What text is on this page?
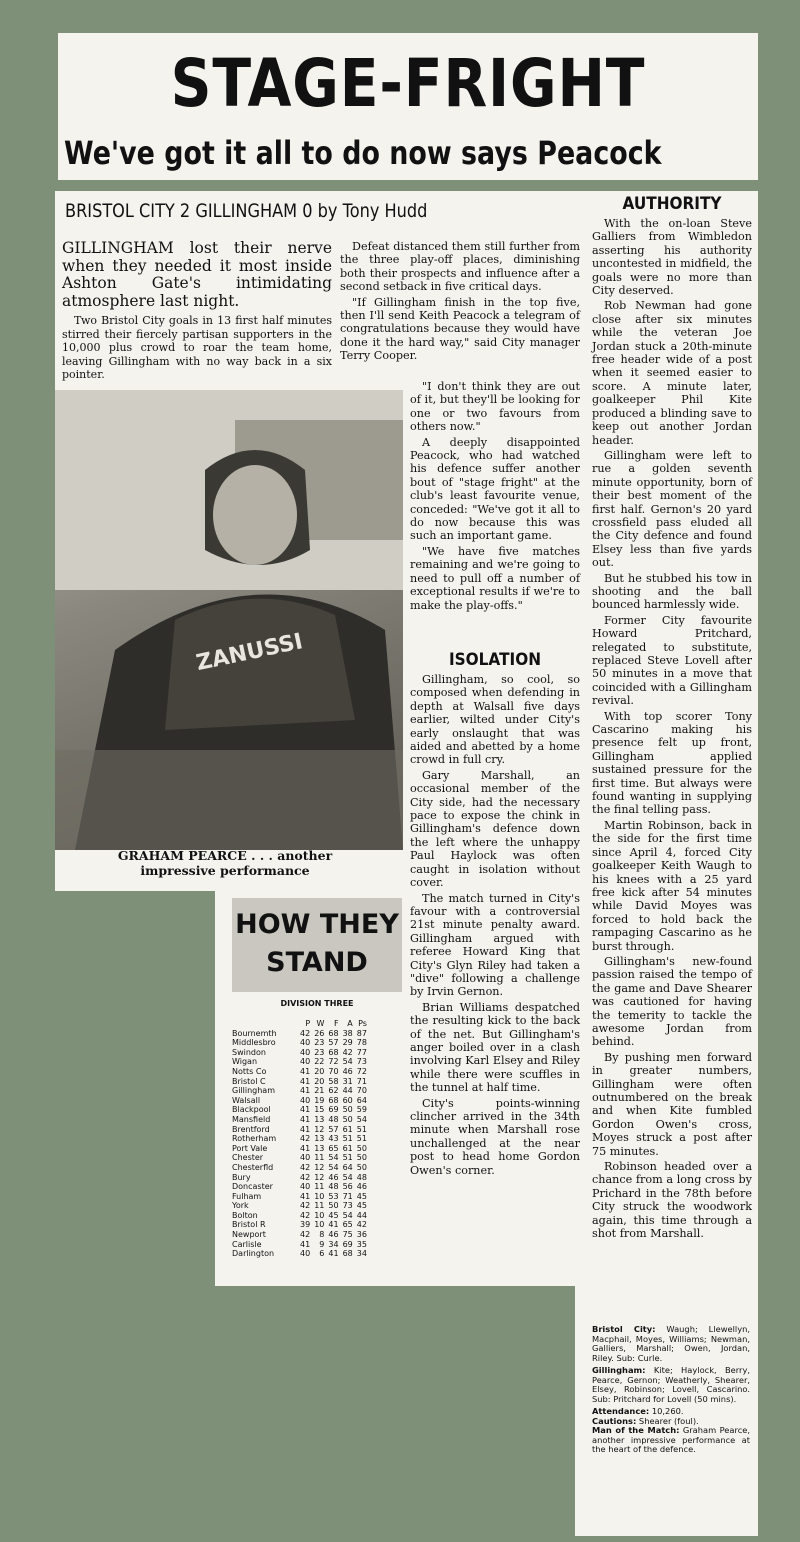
STAGE-FRIGHT
We've got it all to do now says Peacock
BRISTOL CITY 2 GILLINGHAM 0 by Tony Hudd
GILLINGHAM lost their nerve when they needed it most inside Ashton Gate's intimidating atmosphere last night.

Two Bristol City goals in 13 first half minutes stirred their fiercely partisan supporters in the 10,000 plus crowd to roar the team home, leaving Gillingham with no way back in a six pointer.

Defeat distanced them still further from the three play-off places, diminishing both their prospects and influence after a second setback in five critical days.

"If Gillingham finish in the top five, then I'll send Keith Peacock a telegram of congratulations because they would have done it the hard way," said City manager Terry Cooper.

"I don't think they are out of it, but they'll be looking for one or two favours from others now."

A deeply disappointed Peacock, who had watched his defence suffer another bout of "stage fright" at the club's least favourite venue, conceded: "We've got it all to do now because this was such an important game.

"We have five matches remaining and we're going to need to pull off a number of exceptional results if we're to make the play-offs."

ISOLATION

Gillingham, so cool, so composed when defending in depth at Walsall five days earlier, wilted under City's early onslaught that was aided and abetted by a home crowd in full cry.

Gary Marshall, an occasional member of the City side, had the necessary pace to expose the chink in Gillingham's defence down the left where the unhappy Paul Haylock was often caught in isolation without cover.

The match turned in City's favour with a controversial 21st minute penalty award. Gillingham argued with referee Howard King that City's Glyn Riley had taken a "dive" following a challenge by Irvin Gernon.

Brian Williams despatched the resulting kick to the back of the net. But Gillingham's anger boiled over in a clash involving Karl Elsey and Riley while there were scuffles in the tunnel at half time.

City's points-winning clincher arrived in the 34th minute when Marshall rose unchallenged at the near post to head home Gordon Owen's corner.

ZANUSSI
GRAHAM PEARCE . . . another
impressive performance
AUTHORITY

With the on-loan Steve Galliers from Wimbledon asserting his authority uncontested in midfield, the goals were no more than City deserved.

Rob Newman had gone close after six minutes while the veteran Joe Jordan stuck a 20th-minute free header wide of a post when it seemed easier to score. A minute later, goalkeeper Phil Kite produced a blinding save to keep out another Jordan header.

Gillingham were left to rue a golden seventh minute opportunity, born of their best moment of the first half. Gernon's 20 yard crossfield pass eluded all the City defence and found Elsey less than five yards out.

But he stubbed his tow in shooting and the ball bounced harmlessly wide.

Former City favourite Howard Pritchard, relegated to substitute, replaced Steve Lovell after 50 minutes in a move that coincided with a Gillingham revival.

With top scorer Tony Cascarino making his presence felt up front, Gillingham applied sustained pressure for the first time. But always were found wanting in supplying the final telling pass.

Martin Robinson, back in the side for the first time since April 4, forced City goalkeeper Keith Waugh to his knees with a 25 yard free kick after 54 minutes while David Moyes was forced to hold back the rampaging Cascarino as he burst through.

Gillingham's new-found passion raised the tempo of the game and Dave Shearer was cautioned for having the temerity to tackle the awesome Jordan from behind.

By pushing men forward in greater numbers, Gillingham were often outnumbered on the break and when Kite fumbled Gordon Owen's cross, Moyes struck a post after 75 minutes.

Robinson headed over a chance from a long cross by Prichard in the 78th before City struck the woodwork again, this time through a shot from Marshall.

HOW THEY
STAND
DIVISION THREE
	P	W	F	A	Ps
Bournemth	42	26	68	38	87
Middlesbro	40	23	57	29	78
Swindon	40	23	68	42	77
Wigan	40	22	72	54	73
Notts Co	41	20	70	46	72
Bristol C	41	20	58	31	71
Gillingham	41	21	62	44	70
Walsall	40	19	68	60	64
Blackpool	41	15	69	50	59
Mansfield	41	13	48	50	54
Brentford	41	12	57	61	51
Rotherham	42	13	43	51	51
Port Vale	41	13	65	61	50
Chester	40	11	54	51	50
Chesterfld	42	12	54	64	50
Bury	42	12	46	54	48
Doncaster	40	11	48	56	46
Fulham	41	10	53	71	45
York	42	11	50	73	45
Bolton	42	10	45	54	44
Bristol R	39	10	41	65	42
Newport	42	8	46	75	36
Carlisle	41	9	34	69	35
Darlington	40	6	41	68	34

Bristol City: Waugh; Llewellyn, Macphail, Moyes, Williams; Newman, Galliers, Marshall; Owen, Jordan, Riley. Sub: Curle.

Gillingham: Kite; Haylock, Berry, Pearce, Gernon; Weatherly, Shearer, Elsey, Robinson; Lovell, Cascarino. Sub: Pritchard for Lovell (50 mins).

Attendance: 10,260.

Cautions: Shearer (foul).

Man of the Match: Graham Pearce, another impressive performance at the heart of the defence.
